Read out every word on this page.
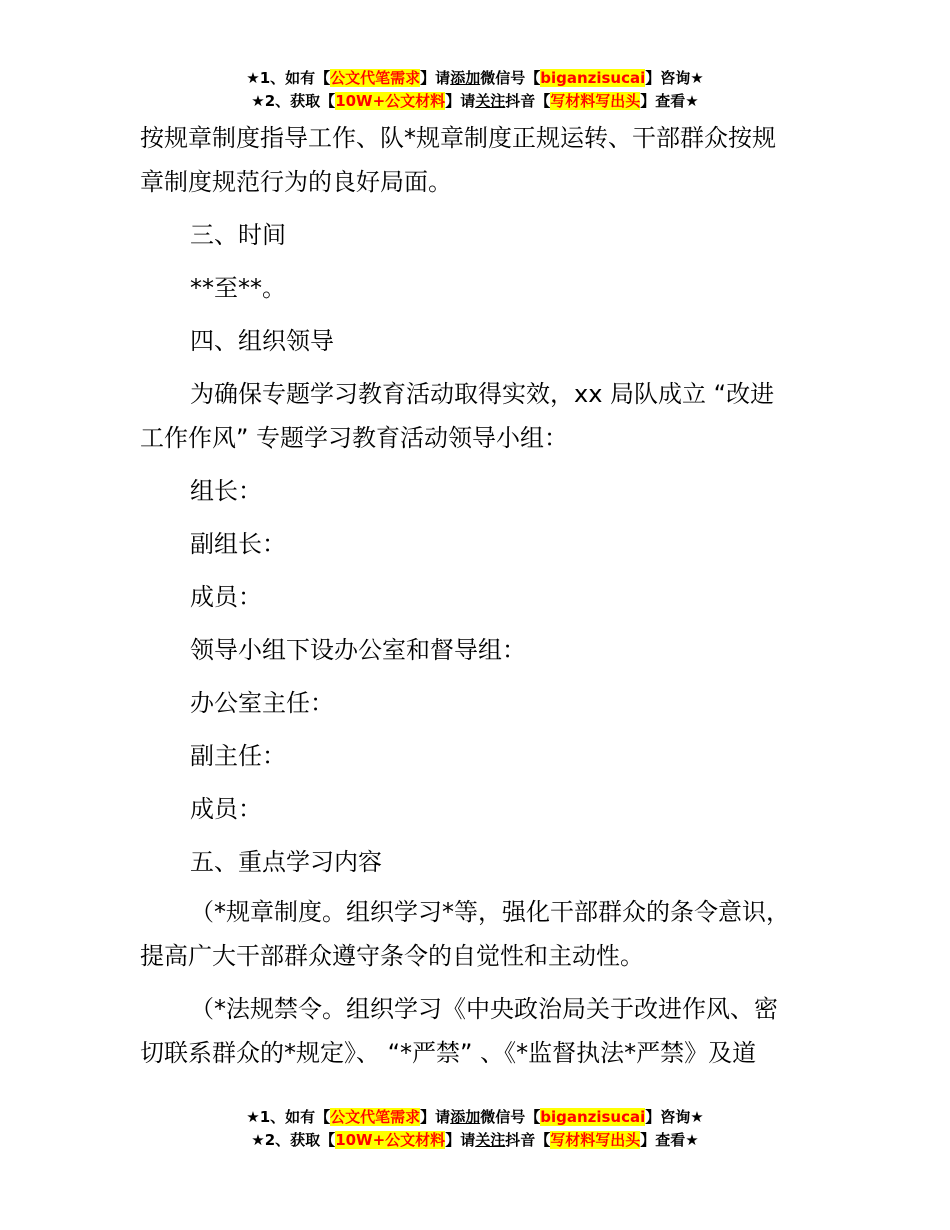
★1、如有【公文代笔需求】请添加微信号【biganzisucai】咨询★
★2、获取【10W+公文材料】请关注抖音【写材料写出头】查看★
按规章制度指导工作、队*规章制度正规运转、干部群众按规
章制度规范行为的良好局面。
三、时间
**至**。
四、组织领导
为确保专题学习教育活动取得实效，xx 局队成立 “改进
工作作风” 专题学习教育活动领导小组：
组长：
副组长：
成员：
领导小组下设办公室和督导组：
办公室主任：
副主任：
成员：
五、重点学习内容
（*规章制度。组织学习*等，强化干部群众的条令意识，
提高广大干部群众遵守条令的自觉性和主动性。
（*法规禁令。组织学习《中央政治局关于改进作风、密
切联系群众的*规定》、 “*严禁” 、《*监督执法*严禁》及道
★1、如有【公文代笔需求】请添加微信号【biganzisucai】咨询★
★2、获取【10W+公文材料】请关注抖音【写材料写出头】查看★
